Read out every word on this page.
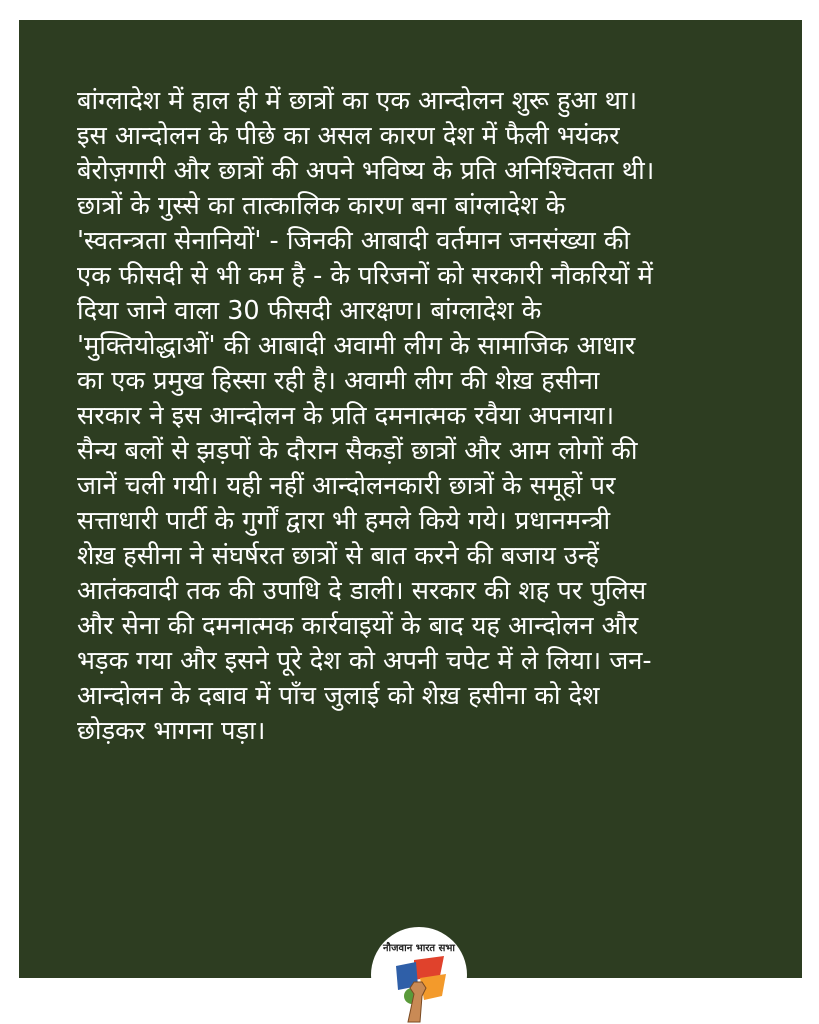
बांग्लादेश में हाल ही में छात्रों का एक आन्दोलन शुरू हुआ था।
इस आन्दोलन के पीछे का असल कारण देश में फैली भयंकर
बेरोज़गारी और छात्रों की अपने भविष्य के प्रति अनिश्चितता थी।
छात्रों के गुस्से का तात्कालिक कारण बना बांग्लादेश के
'स्वतन्त्रता सेनानियों' - जिनकी आबादी वर्तमान जनसंख्या की
एक फीसदी से भी कम है - के परिजनों को सरकारी नौकरियों में
दिया जाने वाला 30 फीसदी आरक्षण। बांग्लादेश के
'मुक्तियोद्धाओं' की आबादी अवामी लीग के सामाजिक आधार
का एक प्रमुख हिस्सा रही है। अवामी लीग की शेख़ हसीना
सरकार ने इस आन्दोलन के प्रति दमनात्मक रवैया अपनाया।
सैन्य बलों से झड़पों के दौरान सैकड़ों छात्रों और आम लोगों की
जानें चली गयी। यही नहीं आन्दोलनकारी छात्रों के समूहों पर
सत्ताधारी पार्टी के गुर्गों द्वारा भी हमले किये गये। प्रधानमन्त्री
शेख़ हसीना ने संघर्षरत छात्रों से बात करने की बजाय उन्हें
आतंकवादी तक की उपाधि दे डाली। सरकार की शह पर पुलिस
और सेना की दमनात्मक कार्रवाइयों के बाद यह आन्दोलन और
भड़क गया और इसने पूरे देश को अपनी चपेट में ले लिया। जन-
आन्दोलन के दबाव में पाँच जुलाई को शेख़ हसीना को देश
छोड़कर भागना पड़ा।

नौजवान भारत सभा
